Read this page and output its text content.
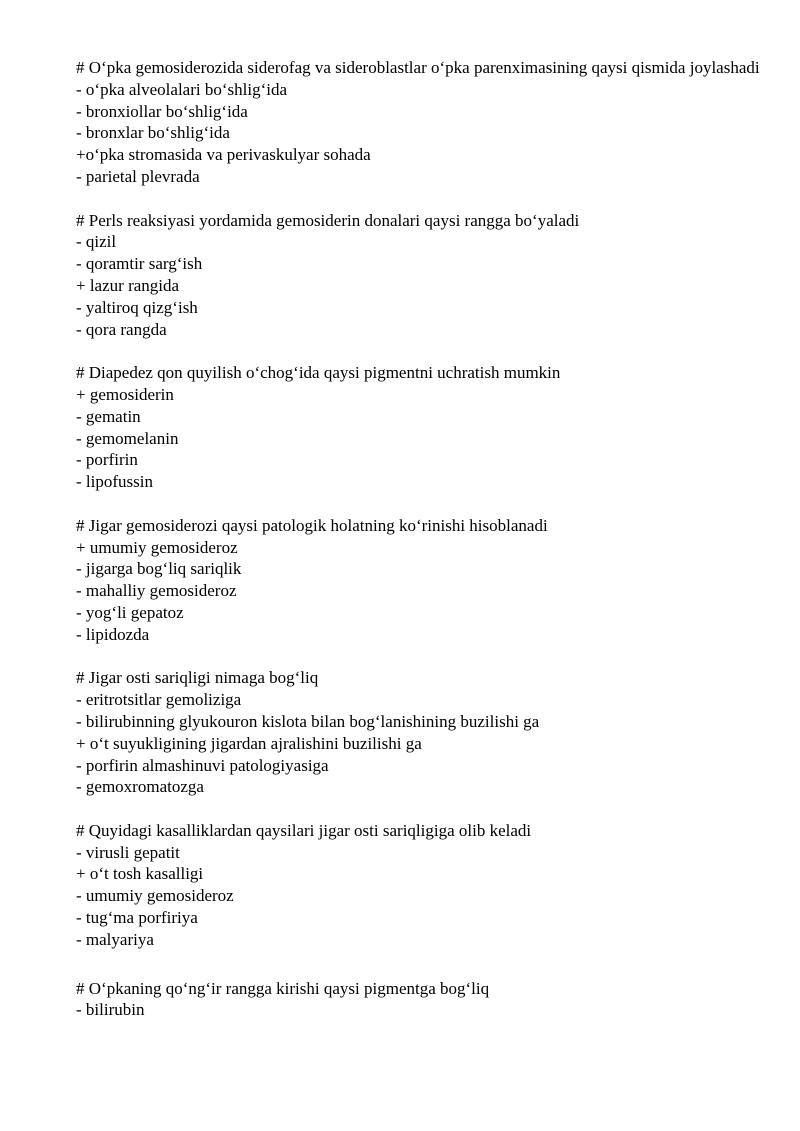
# O‘pka gemosiderozida siderofag va sideroblastlar o‘pka parenximasining qaysi qismida joylashadi
- o‘pka alveolalari bo‘shlig‘ida
- bronxiollar bo‘shlig‘ida
- bronxlar bo‘shlig‘ida
+o‘pka stromasida va perivaskulyar sohada
- parietal plevrada
# Perls reaksiyasi yordamida gemosiderin donalari qaysi rangga bo‘yaladi
- qizil
- qoramtir sarg‘ish
+ lazur rangida
- yaltiroq qizg‘ish
- qora rangda
# Diapedez qon quyilish o‘chog‘ida qaysi pigmentni uchratish mumkin
+ gemosiderin
- gematin
- gemomelanin
- porfirin
- lipofussin
# Jigar gemosiderozi qaysi patologik holatning ko‘rinishi hisoblanadi
+ umumiy gemosideroz
- jigarga bog‘liq sariqlik
- mahalliy gemosideroz
- yog‘li gepatoz
- lipidozda
# Jigar osti sariqligi nimaga bog‘liq
- eritrotsitlar gemoliziga
- bilirubinning glyukouron kislota bilan bog‘lanishining buzilishi ga
+ o‘t suyukligining jigardan ajralishini buzilishi ga
- porfirin almashinuvi patologiyasiga
- gemoxromatozga
# Quyidagi kasalliklardan qaysilari jigar osti sariqligiga olib keladi
- virusli gepatit
+ o‘t tosh kasalligi
- umumiy gemosideroz
- tug‘ma porfiriya
- malyariya
# O‘pkaning qo‘ng‘ir rangga kirishi qaysi pigmentga bog‘liq
- bilirubin
